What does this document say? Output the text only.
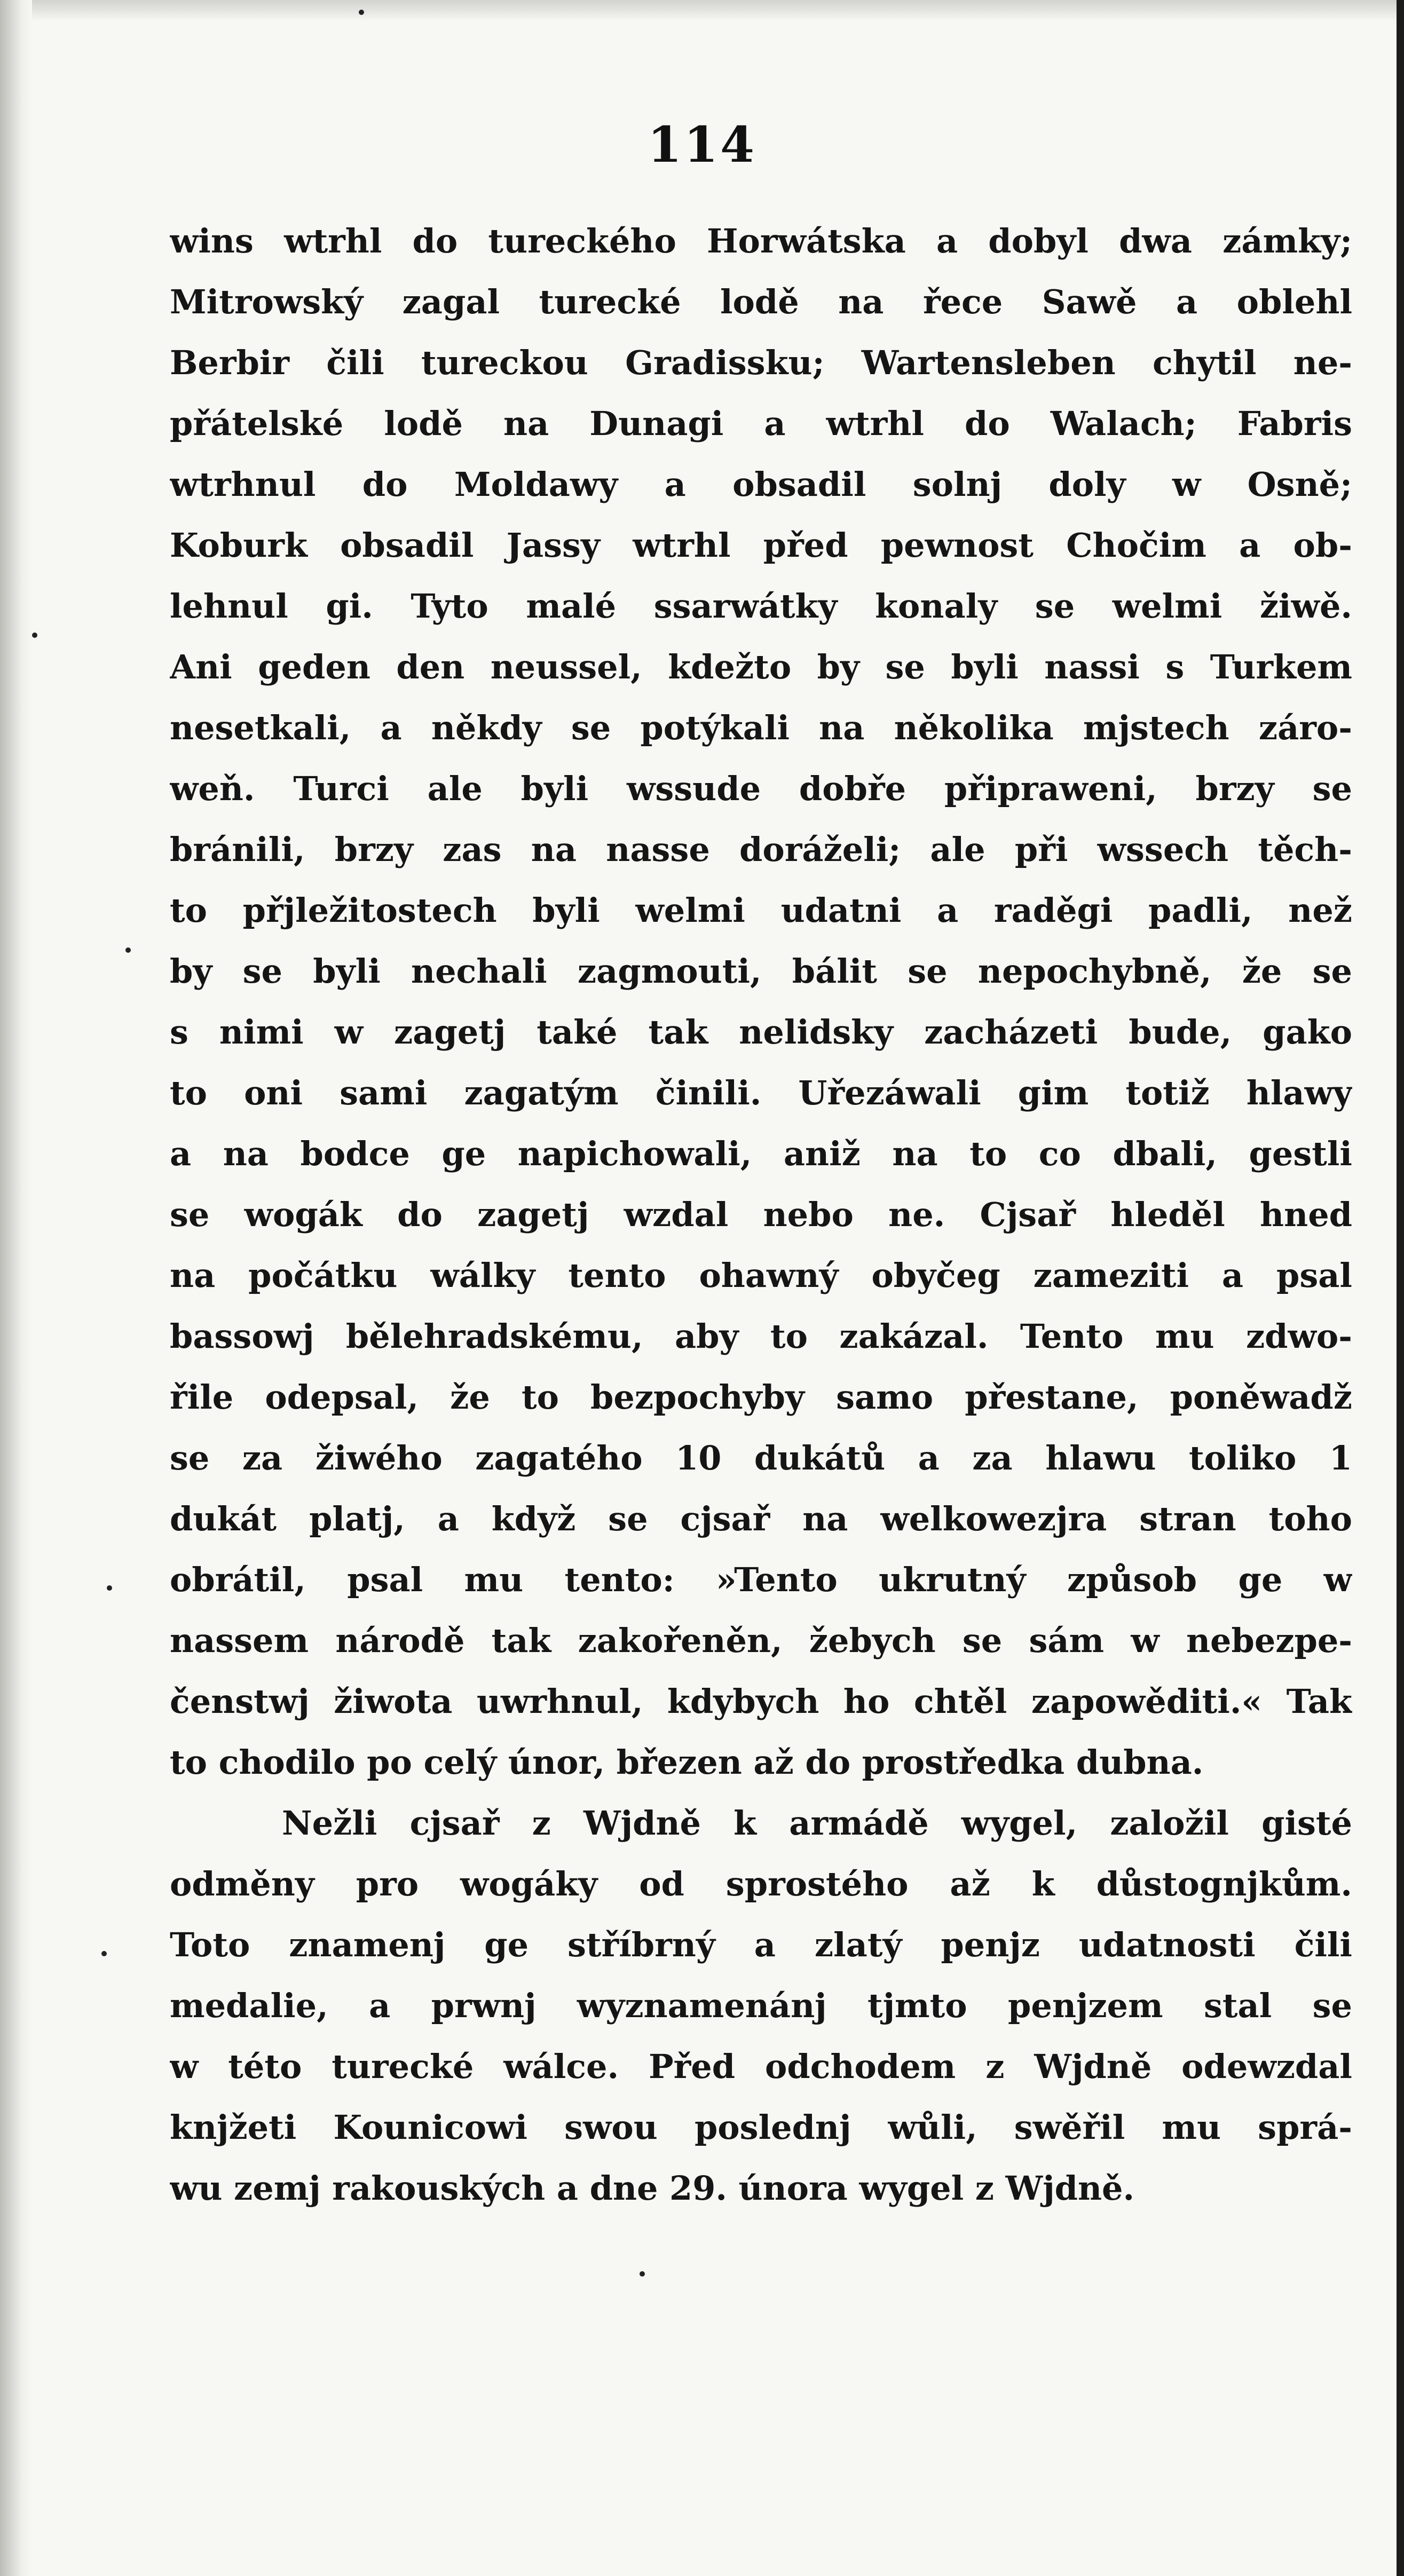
114
wins wtrhl do tureckého Horwátska a dobyl dwa zámky;
Mitrowský zagal turecké lodě na řece Sawě a oblehl
Berbir čili tureckou Gradissku; Wartensleben chytil ne-
přátelské lodě na Dunagi a wtrhl do Walach; Fabris
wtrhnul do Moldawy a obsadil solnj doly w Osně;
Koburk obsadil Jassy wtrhl před pewnost Chočim a ob-
lehnul gi. Tyto malé ssarwátky konaly se welmi žiwě.
Ani geden den neussel, kdežto by se byli nassi s Turkem
nesetkali, a někdy se potýkali na několika mjstech záro-
weň. Turci ale byli wssude dobře připraweni, brzy se
bránili, brzy zas na nasse doráželi; ale při wssech těch-
to přjležitostech byli welmi udatni a raděgi padli, než
by se byli nechali zagmouti, bálit se nepochybně, že se
s nimi w zagetj také tak nelidsky zacházeti bude, gako
to oni sami zagatým činili. Uřezáwali gim totiž hlawy
a na bodce ge napichowali, aniž na to co dbali, gestli
se wogák do zagetj wzdal nebo ne. Cjsař hleděl hned
na počátku wálky tento ohawný obyčeg zameziti a psal
bassowj bělehradskému, aby to zakázal. Tento mu zdwo-
řile odepsal, že to bezpochyby samo přestane, poněwadž
se za žiwého zagatého 10 dukátů a za hlawu toliko 1
dukát platj, a když se cjsař na welkowezjra stran toho
obrátil, psal mu tento: »Tento ukrutný způsob ge w
nassem národě tak zakořeněn, žebych se sám w nebezpe-
čenstwj žiwota uwrhnul, kdybych ho chtěl zapowěditi.« Tak
to chodilo po celý únor, březen až do prostředka dubna.
Nežli cjsař z Wjdně k armádě wygel, založil gisté
odměny pro wogáky od sprostého až k důstognjkům.
Toto znamenj ge stříbrný a zlatý penjz udatnosti čili
medalie, a prwnj wyznamenánj tjmto penjzem stal se
w této turecké wálce. Před odchodem z Wjdně odewzdal
knjžeti Kounicowi swou poslednj wůli, swěřil mu sprá-
wu zemj rakouských a dne 29. února wygel z Wjdně.
